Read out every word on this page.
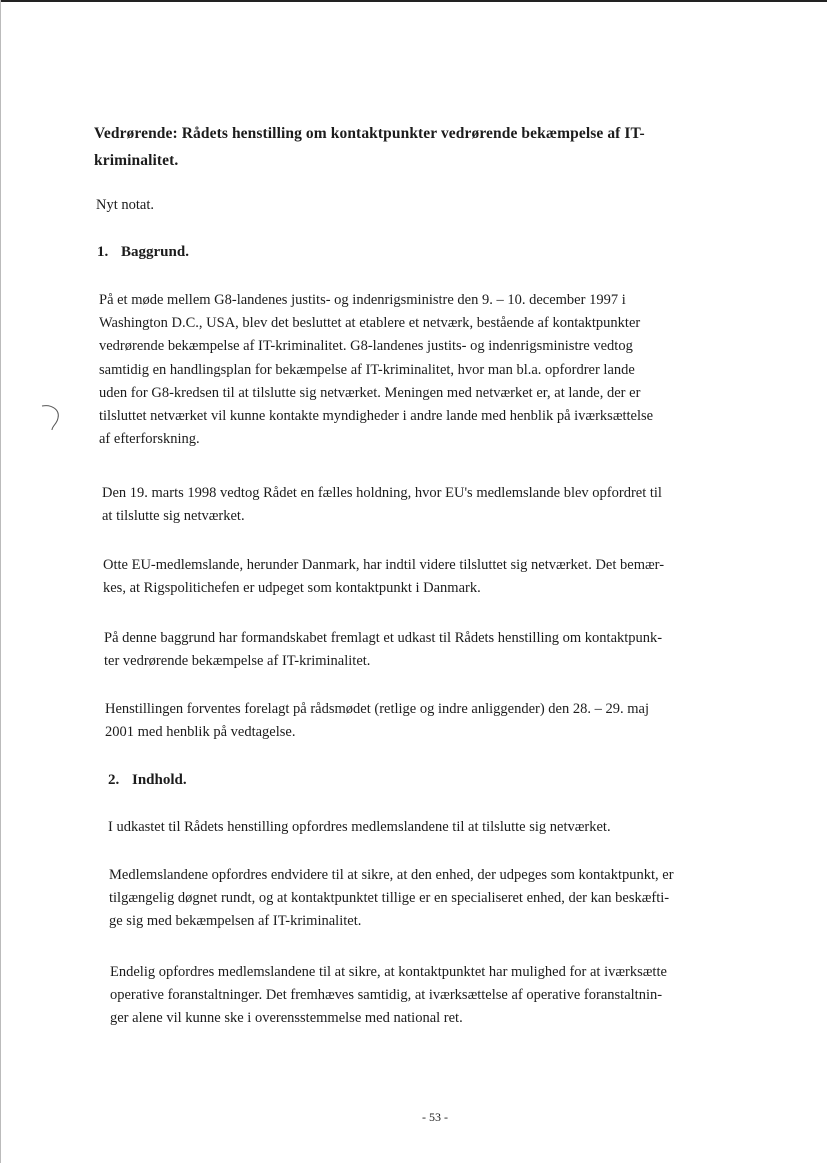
Vedrørende: Rådets henstilling om kontaktpunkter vedrørende bekæmpelse af IT-
kriminalitet.
Nyt notat.
1. Baggrund.
På et møde mellem G8-landenes justits- og indenrigsministre den 9. – 10. december 1997 i
Washington D.C., USA, blev det besluttet at etablere et netværk, bestående af kontaktpunkter
vedrørende bekæmpelse af IT-kriminalitet. G8-landenes justits- og indenrigsministre vedtog
samtidig en handlingsplan for bekæmpelse af IT-kriminalitet, hvor man bl.a. opfordrer lande
uden for G8-kredsen til at tilslutte sig netværket. Meningen med netværket er, at lande, der er
tilsluttet netværket vil kunne kontakte myndigheder i andre lande med henblik på iværksættelse
af efterforskning.
Den 19. marts 1998 vedtog Rådet en fælles holdning, hvor EU's medlemslande blev opfordret til
at tilslutte sig netværket.
Otte EU-medlemslande, herunder Danmark, har indtil videre tilsluttet sig netværket. Det bemær-
kes, at Rigspolitichefen er udpeget som kontaktpunkt i Danmark.
På denne baggrund har formandskabet fremlagt et udkast til Rådets henstilling om kontaktpunk-
ter vedrørende bekæmpelse af IT-kriminalitet.
Henstillingen forventes forelagt på rådsmødet (retlige og indre anliggender) den 28. – 29. maj
2001 med henblik på vedtagelse.
2. Indhold.
I udkastet til Rådets henstilling opfordres medlemslandene til at tilslutte sig netværket.
Medlemslandene opfordres endvidere til at sikre, at den enhed, der udpeges som kontaktpunkt, er
tilgængelig døgnet rundt, og at kontaktpunktet tillige er en specialiseret enhed, der kan beskæfti-
ge sig med bekæmpelsen af IT-kriminalitet.
Endelig opfordres medlemslandene til at sikre, at kontaktpunktet har mulighed for at iværksætte
operative foranstaltninger. Det fremhæves samtidig, at iværksættelse af operative foranstaltnin-
ger alene vil kunne ske i overensstemmelse med national ret.
- 53 -
